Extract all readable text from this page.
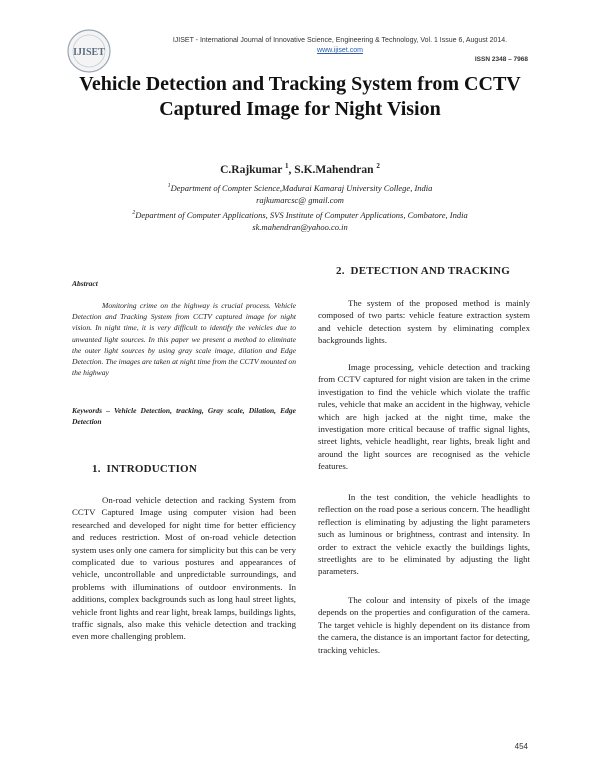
IJISET
IJISET - International Journal of Innovative Science, Engineering & Technology, Vol. 1 Issue 6, August 2014.
www.ijiset.com
ISSN 2348 – 7968
Vehicle Detection and Tracking System from CCTV
Captured Image for Night Vision
C.Rajkumar $^1$, S.K.Mahendran $^2$
$^1$Department of Compter Science,Madurai Kamaraj University College, India
rajkumarcsc@ gmail.com
$^2$Department of Computer Applications, SVS Institute of Computer Applications, Combatore, India
sk.mahendran@yahoo.co.in
Abstract
Monitoring crime on the highway is crucial process. Vehicle Detection and Tracking System from CCTV captured image for night vision. In night time, it is very difficult to identify the vehicles due to unwanted light sources. In this paper we present a method to eliminate the outer light sources by using gray scale image, dilation and Edge Detection. The images are taken at night time from the CCTV mounted on the highway
Keywords – Vehicle Detection, tracking, Gray scale, Dilation, Edge Detection
1.  INTRODUCTION

On-road vehicle detection and racking System from CCTV Captured Image using computer vision had been researched and developed for night time for better efficiency and reduces restriction. Most of on-road vehicle detection system uses only one camera for simplicity but this can be very complicated due to various postures and appearances of vehicle, uncontrollable and unpredictable surroundings, and problems with illuminations of outdoor environments. In additions, complex backgrounds such as long haul street lights, vehicle front lights and rear light, break lamps, buildings lights, traffic signals, also make this vehicle detection and tracking even more challenging problem.

2.  DETECTION AND TRACKING

The system of the proposed method is mainly composed of two parts: vehicle feature extraction system and vehicle detection system by eliminating complex backgrounds lights.

Image processing, vehicle detection and tracking from CCTV captured for night vision are taken in the crime investigation to find the vehicle which violate the traffic rules, vehicle that make an accident in the highway, vehicle which are high jacked at the night time, make the investigation more critical because of traffic signal lights, street lights, vehicle headlight, rear lights, break light and around the light sources are recognised as the vehicle features.

In the test condition, the vehicle headlights to reflection on the road pose a serious concern. The headlight reflection is eliminating by adjusting the light parameters such as luminous or brightness, contrast and intensity. In order to extract the vehicle exactly the buildings lights, streetlights are to be eliminated by adjusting the light parameters.

The colour and intensity of pixels of the image depends on the properties and configuration of the camera. The target vehicle is highly dependent on its distance from the camera, the distance is an important factor for detecting, tracking vehicles.

454
